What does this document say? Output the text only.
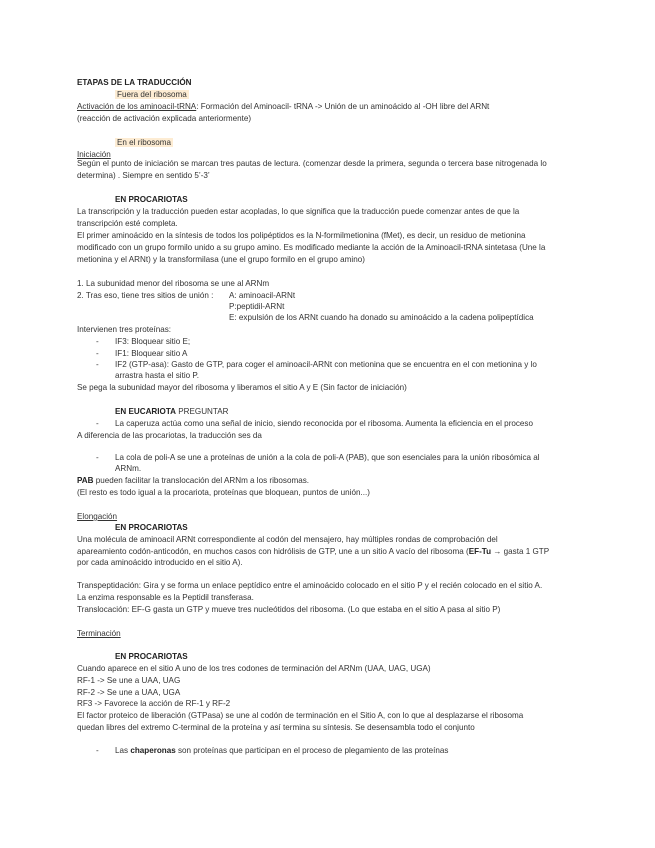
ETAPAS DE LA TRADUCCIÓN
Fuera del ribosoma
Activación de los aminoacil-tRNA: Formación del Aminoacil- tRNA -> Unión de un aminoácido al -OH libre del ARNt
(reacción de activación explicada anteriormente)
En el ribosoma
Iniciación
Según el punto de iniciación se marcan tres pautas de lectura. (comenzar desde la primera, segunda o tercera base nitrogenada lo
determina) . Siempre en sentido 5’-3’
EN PROCARIOTAS
La transcripción y la traducción pueden estar acopladas, lo que significa que la traducción puede comenzar antes de que la
transcripción esté completa.
El primer aminoácido en la síntesis de todos los polipéptidos es la N-formilmetionina (fMet), es decir, un residuo de metionina
modificado con un grupo formilo unido a su grupo amino. Es modificado mediante la acción de la Aminoacil-tRNA sintetasa (Une la
metionina y el ARNt) y la transformilasa (une el grupo formilo en el grupo amino)
1. La subunidad menor del ribosoma se une al ARNm
2. Tras eso, tiene tres sitios de unión : A: aminoacil-ARNt
P:peptidil-ARNt
E: expulsión de los ARNt cuando ha donado su aminoácido a la cadena polipeptídica
Intervienen tres proteínas:
- IF3: Bloquear sitio E;
- IF1: Bloquear sitio A
- IF2 (GTP-asa): Gasto de GTP, para coger el aminoacil-ARNt con metionina que se encuentra en el con metionina y lo
arrastra hasta el sitio P.
Se pega la subunidad mayor del ribosoma y liberamos el sitio A y E (Sin factor de iniciación)
EN EUCARIOTA PREGUNTAR
- La caperuza actúa como una señal de inicio, siendo reconocida por el ribosoma. Aumenta la eficiencia en el proceso
A diferencia de las procariotas, la traducción ses da
- La cola de poli-A se une a proteínas de unión a la cola de poli-A (PAB), que son esenciales para la unión ribosómica al
ARNm.
PAB pueden facilitar la translocación del ARNm a los ribosomas.
(El resto es todo igual a la procariota, proteínas que bloquean, puntos de unión...)
Elongación
EN PROCARIOTAS
Una molécula de aminoacil ARNt correspondiente al codón del mensajero, hay múltiples rondas de comprobación del
apareamiento codón-anticodón, en muchos casos con hidrólisis de GTP, une a un sitio A vacío del ribosoma (EF-Tu → gasta 1 GTP
por cada aminoácido introducido en el sitio A).
Transpeptidación: Gira y se forma un enlace peptídico entre el aminoácido colocado en el sitio P y el recién colocado en el sitio A.
La enzima responsable es la Peptidil transferasa.
Translocación: EF-G gasta un GTP y mueve tres nucleótidos del ribosoma. (Lo que estaba en el sitio A pasa al sitio P)
Terminación
EN PROCARIOTAS
Cuando aparece en el sitio A uno de los tres codones de terminación del ARNm (UAA, UAG, UGA)
RF-1 -> Se une a UAA, UAG
RF-2 -> Se une a UAA, UGA
RF3 -> Favorece la acción de RF-1 y RF-2
El factor proteico de liberación (GTPasa) se une al codón de terminación en el Sitio A, con lo que al desplazarse el ribosoma
quedan libres del extremo C-terminal de la proteína y así termina su síntesis. Se desensambla todo el conjunto
- Las chaperonas son proteínas que participan en el proceso de plegamiento de las proteínas
